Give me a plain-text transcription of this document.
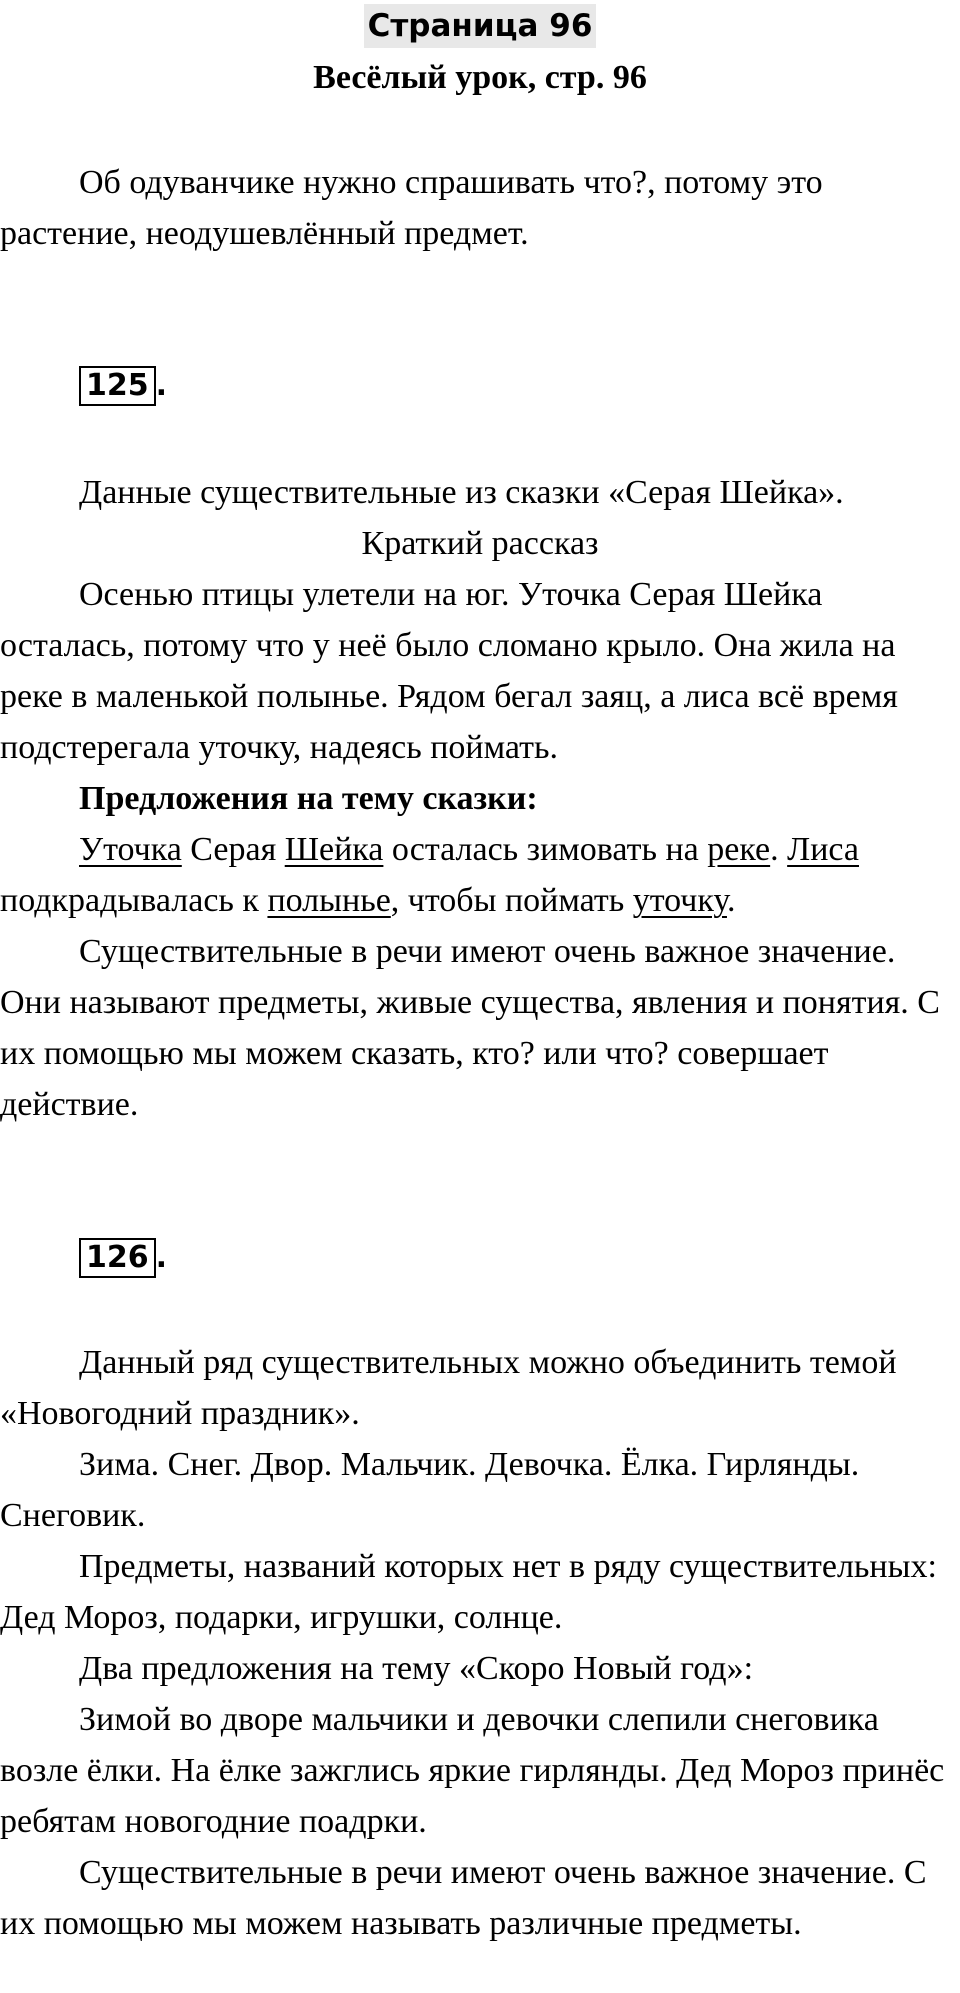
Страница 96
Весёлый урок, стр. 96

Об одуванчике нужно спрашивать что?, потому это растение, неодушевлённый предмет.

125 .

Данные существительные из сказки «Серая Шейка».

Краткий рассказ

Осенью птицы улетели на юг. Уточка Серая Шейка осталась, потому что у неё было сломано крыло. Она жила на реке в маленькой полынье. Рядом бегал заяц, а лиса всё время подстерегала уточку, надеясь поймать.

Предложения на тему сказки:

Уточка Серая Шейка осталась зимовать на реке. Лиса подкрадывалась к полынье, чтобы поймать уточку.

Существительные в речи имеют очень важное значение. Они называют предметы, живые существа, явления и понятия. С их помощью мы можем сказать, кто? или что? совершает действие.

126 .

Данный ряд существительных можно объединить темой «Новогодний праздник».

Зима. Снег. Двор. Мальчик. Девочка. Ёлка. Гирлянды. Снеговик.

Предметы, названий которых нет в ряду существительных: Дед Мороз, подарки, игрушки, солнце.

Два предложения на тему «Скоро Новый год»:

Зимой во дворе мальчики и девочки слепили снеговика возле ёлки. На ёлке зажглись яркие гирлянды. Дед Мороз принёс ребятам новогодние поадрки.

Существительные в речи имеют очень важное значение. С их помощью мы можем называть различные предметы.
